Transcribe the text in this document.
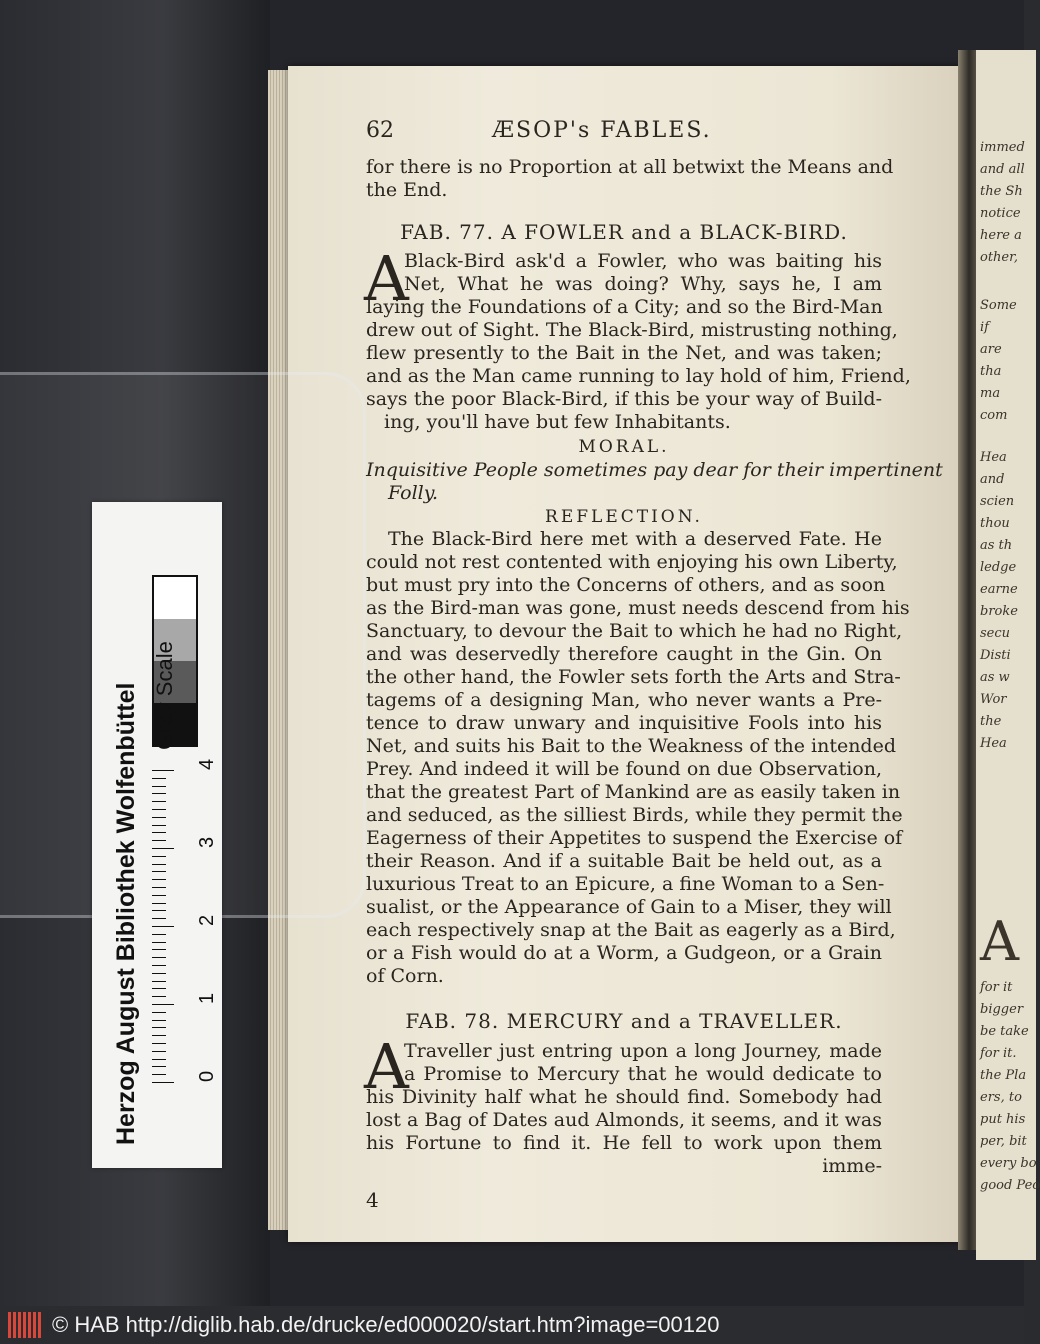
immed
and all
the Sh
notice
here a
other,
Some
if
are
tha
ma
com
Hea
and
scien
thou
as th
ledge
earne
broke
secu
Disti
as w
Wor
the
Hea
A
for it
bigger
be take
for it.
the Pla
ers, to
put his
per, bit
every bo
good Peo
62	ÆSOP's FABLES.
for there is no Proportion at all betwixt the Means and
the End.
FAB. 77. A FOWLER and a BLACK-BIRD.
A
Black-Bird ask'd a Fowler, who was baiting his
Net, What he was doing? Why, says he, I am
laying the Foundations of a City; and so the Bird-Man
drew out of Sight. The Black-Bird, mistrusting nothing,
flew presently to the Bait in the Net, and was taken;
and as the Man came running to lay hold of him, Friend,
says the poor Black-Bird, if this be your way of Build-
ing, you'll have but few Inhabitants.
MORAL.
Inquisitive People sometimes pay dear for their impertinent
Folly.
REFLECTION.
The Black-Bird here met with a deserved Fate. He
could not rest contented with enjoying his own Liberty,
but must pry into the Concerns of others, and as soon
as the Bird-man was gone, must needs descend from his
Sanctuary, to devour the Bait to which he had no Right,
and was deservedly therefore caught in the Gin. On
the other hand, the Fowler sets forth the Arts and Stra-
tagems of a designing Man, who never wants a Pre-
tence to draw unwary and inquisitive Fools into his
Net, and suits his Bait to the Weakness of the intended
Prey. And indeed it will be found on due Observation,
that the greatest Part of Mankind are as easily taken in
and seduced, as the silliest Birds, while they permit the
Eagerness of their Appetites to suspend the Exercise of
their Reason. And if a suitable Bait be held out, as a
luxurious Treat to an Epicure, a fine Woman to a Sen-
sualist, or the Appearance of Gain to a Miser, they will
each respectively snap at the Bait as eagerly as a Bird,
or a Fish would do at a Worm, a Gudgeon, or a Grain
of Corn.
FAB. 78. MERCURY and a TRAVELLER.
A
Traveller just entring upon a long Journey, made
a Promise to Mercury that he would dedicate to
his Divinity half what he should find. Somebody had
lost a Bag of Dates aud Almonds, it seems, and it was
his Fortune to find it. He fell to work upon them
imme-
4
Herzog August Bibliothek Wolfenbüttel Gray Scale
0
1
2
3
4
© HAB http://diglib.hab.de/drucke/ed000020/start.htm?image=00120
